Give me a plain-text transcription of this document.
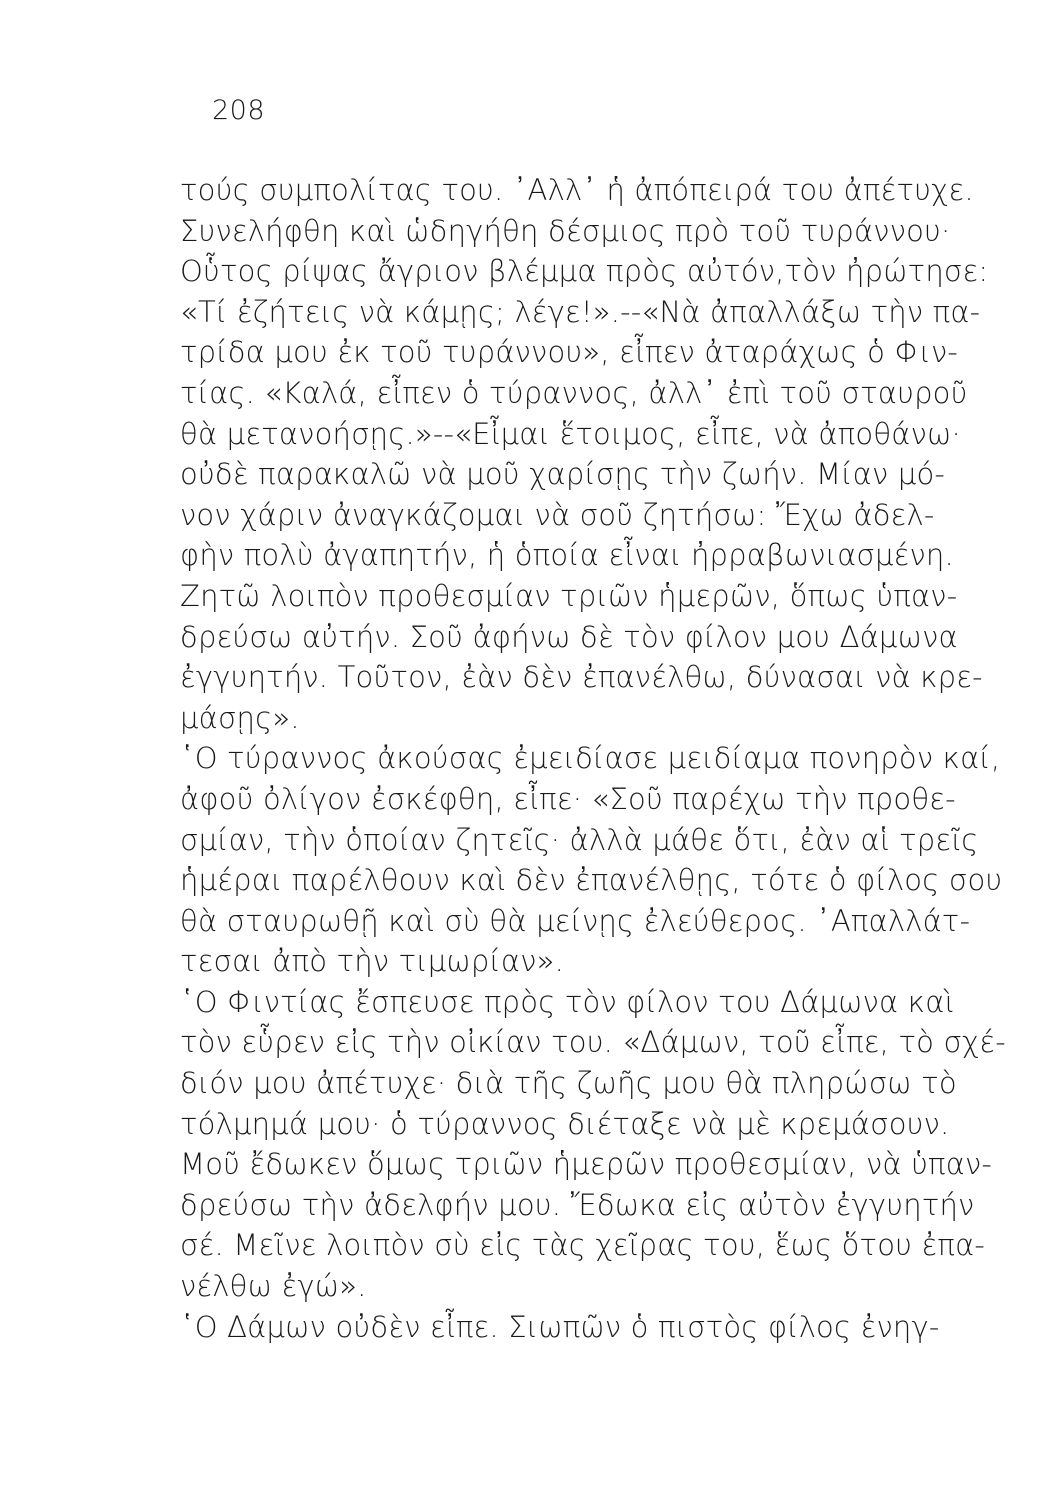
208
τούς συμπολίτας του. ᾿Αλλ᾿ ἡ ἀπόπειρά του ἀπέτυχε.
Συνελήφθη καὶ ὡδηγήθη δέσμιος πρὸ τοῦ τυράννου·
Οὗτος ρίψας ἄγριον βλέμμα πρὸς αὐτόν,τὸν ἠρώτησε:
«Τί ἐζήτεις νὰ κάμῃς; λέγε!».--«Νὰ ἀπαλλάξω τὴν πα-
τρίδα μου ἐκ τοῦ τυράννου», εἶπεν ἀταράχως ὁ Φιν-
τίας. «Καλά, εἶπεν ὁ τύραννος, ἀλλ᾿ ἐπὶ τοῦ σταυροῦ
θὰ μετανοήσῃς.»--«Εἶμαι ἕτοιμος, εἶπε, νὰ ἀποθάνω·
οὐδὲ παρακαλῶ νὰ μοῦ χαρίσῃς τὴν ζωήν. Μίαν μό-
νον χάριν ἀναγκάζομαι νὰ σοῦ ζητήσω: Ἔχω ἀδελ-
φὴν πολὺ ἀγαπητήν, ἡ ὁποία εἶναι ἠρραβωνιασμένη.
Ζητῶ λοιπὸν προθεσμίαν τριῶν ἡμερῶν, ὅπως ὑπαν-
δρεύσω αὐτήν. Σοῦ ἀφήνω δὲ τὸν φίλον μου Δάμωνα
ἐγγυητήν. Τοῦτον, ἐὰν δὲν ἐπανέλθω, δύνασαι νὰ κρε-
μάσῃς».
῾Ο τύραννος ἀκούσας ἐμειδίασε μειδίαμα πονηρὸν καί,
ἀφοῦ ὀλίγον ἐσκέφθη, εἶπε· «Σοῦ παρέχω τὴν προθε-
σμίαν, τὴν ὁποίαν ζητεῖς· ἀλλὰ μάθε ὅτι, ἐὰν αἱ τρεῖς
ἡμέραι παρέλθουν καὶ δὲν ἐπανέλθῃς, τότε ὁ φίλος σου
θὰ σταυρωθῇ καὶ σὺ θὰ μείνῃς ἐλεύθερος. ᾿Απαλλάτ-
τεσαι ἀπὸ τὴν τιμωρίαν».
῾Ο Φιντίας ἔσπευσε πρὸς τὸν φίλον του Δάμωνα καὶ
τὸν εὗρεν εἰς τὴν οἰκίαν του. «Δάμων, τοῦ εἶπε, τὸ σχέ-
διόν μου ἀπέτυχε· διὰ τῆς ζωῆς μου θὰ πληρώσω τὸ
τόλμημά μου· ὁ τύραννος διέταξε νὰ μὲ κρεμάσουν.
Μοῦ ἔδωκεν ὅμως τριῶν ἡμερῶν προθεσμίαν, νὰ ὑπαν-
δρεύσω τὴν ἀδελφήν μου. Ἔδωκα εἰς αὐτὸν ἐγγυητήν
σέ. Μεῖνε λοιπὸν σὺ εἰς τὰς χεῖρας του, ἕως ὅτου ἐπα-
νέλθω ἐγώ».
῾Ο Δάμων οὐδὲν εἶπε. Σιωπῶν ὁ πιστὸς φίλος ἐνηγ-
